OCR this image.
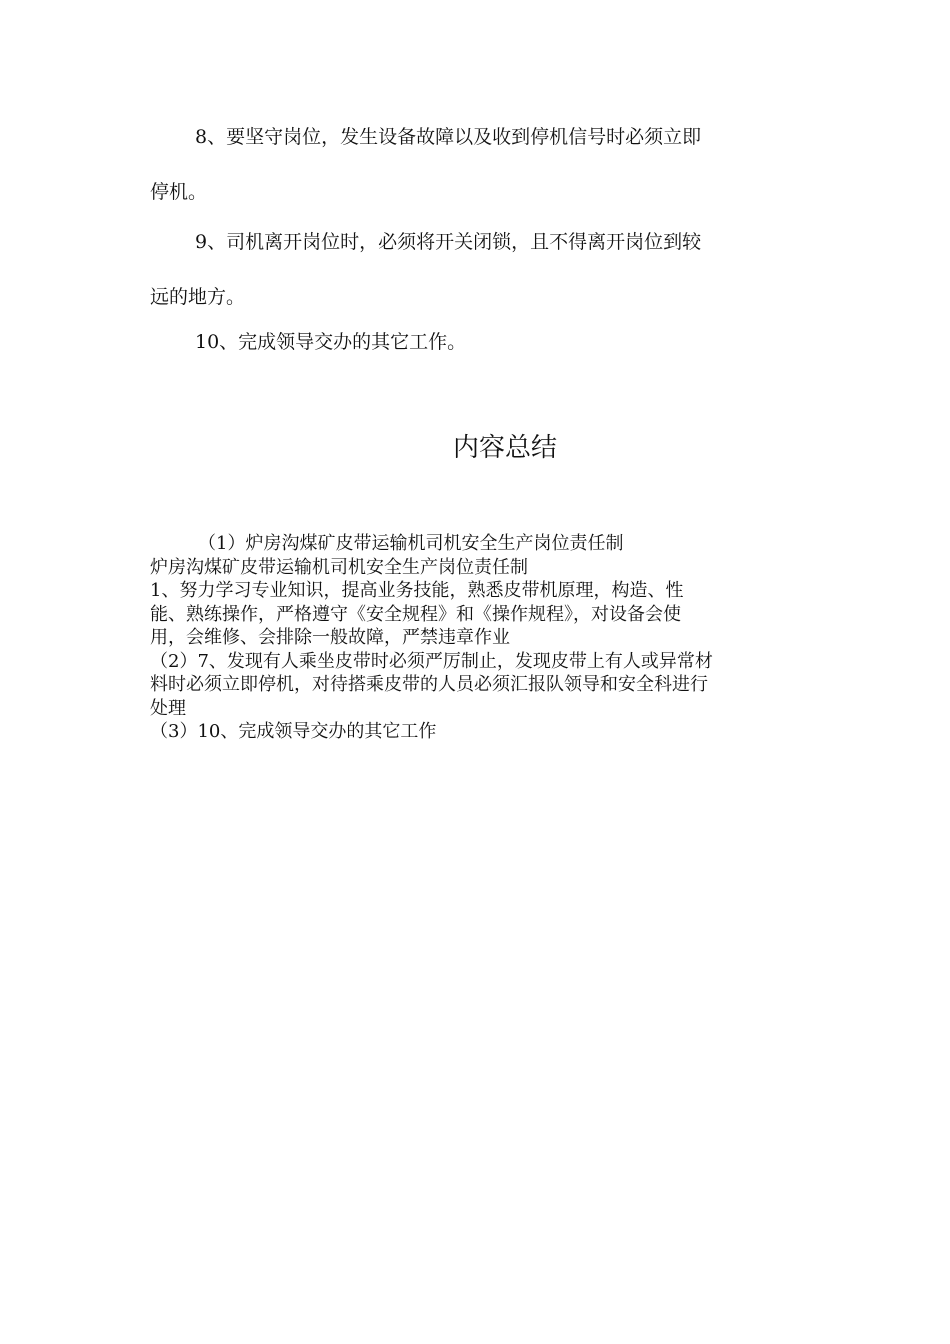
8、要坚守岗位，发生设备故障以及收到停机信号时必须立即
停机。

9、司机离开岗位时，必须将开关闭锁，且不得离开岗位到较
远的地方。

10、完成领导交办的其它工作。

内容总结
（1）炉房沟煤矿皮带运输机司机安全生产岗位责任制
炉房沟煤矿皮带运输机司机安全生产岗位责任制
1、努力学习专业知识，提高业务技能，熟悉皮带机原理，构造、性
能、熟练操作，严格遵守《安全规程》和《操作规程》，对设备会使
用，会维修、会排除一般故障，严禁违章作业
（2）7、发现有人乘坐皮带时必须严厉制止，发现皮带上有人或异常材
料时必须立即停机，对待搭乘皮带的人员必须汇报队领导和安全科进行
处理
（3）10、完成领导交办的其它工作
